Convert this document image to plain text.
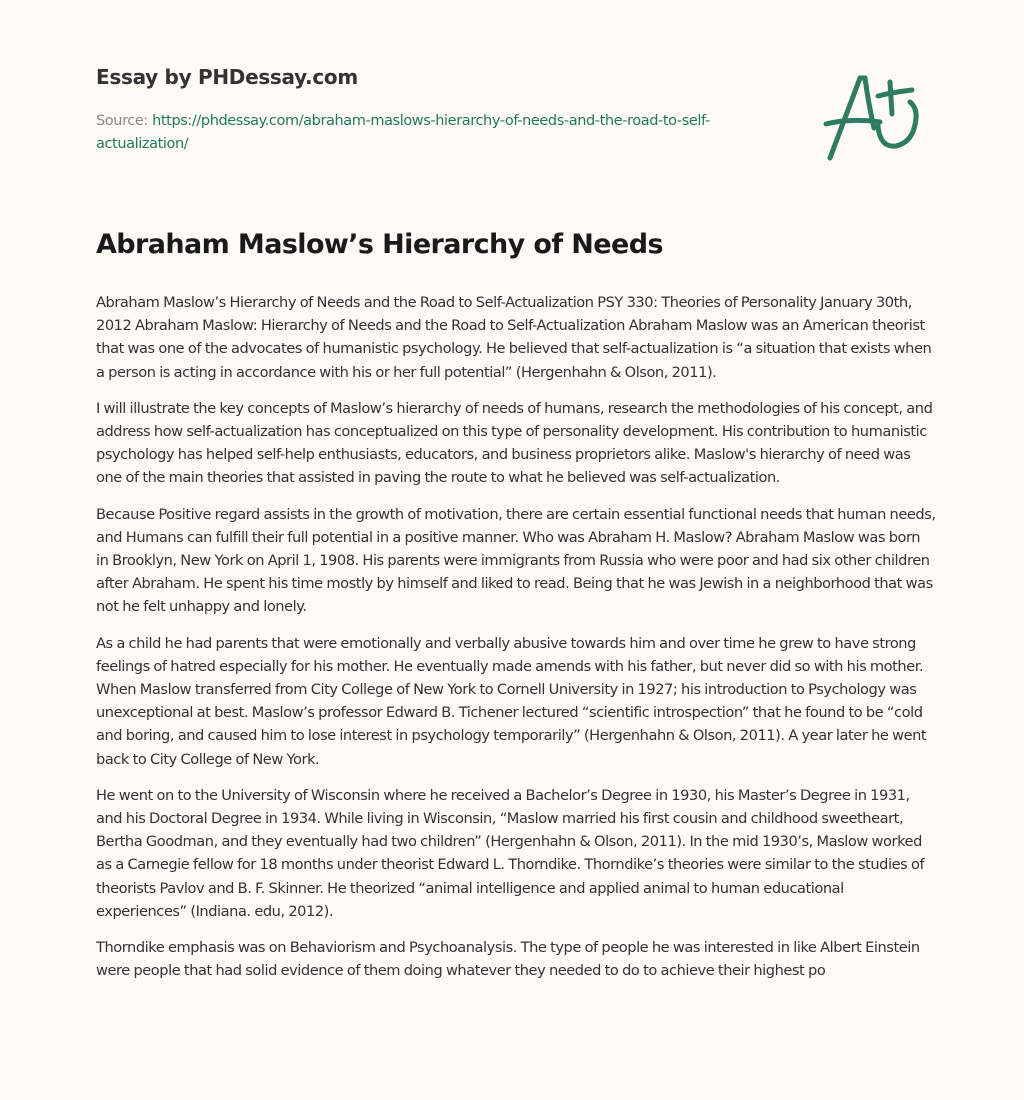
Essay by PHDessay.com
Source: https://phdessay.com/abraham-maslows-hierarchy-of-needs-and-the-road-to-self-actualization/
Abraham Maslow’s Hierarchy of Needs

Abraham Maslow’s Hierarchy of Needs and the Road to Self-Actualization PSY 330: Theories of Personality January 30th, 2012 Abraham Maslow: Hierarchy of Needs and the Road to Self-Actualization Abraham Maslow was an American theorist that was one of the advocates of humanistic psychology. He believed that self-actualization is “a situation that exists when a person is acting in accordance with his or her full potential” (Hergenhahn & Olson, 2011).

I will illustrate the key concepts of Maslow’s hierarchy of needs of humans, research the methodologies of his concept, and address how self-actualization has conceptualized on this type of personality development. His contribution to humanistic psychology has helped self-help enthusiasts, educators, and business proprietors alike. Maslow's hierarchy of need was one of the main theories that assisted in paving the route to what he believed was self-actualization.

Because Positive regard assists in the growth of motivation, there are certain essential functional needs that human needs, and Humans can fulfill their full potential in a positive manner. Who was Abraham H. Maslow? Abraham Maslow was born in Brooklyn, New York on April 1, 1908. His parents were immigrants from Russia who were poor and had six other children after Abraham. He spent his time mostly by himself and liked to read. Being that he was Jewish in a neighborhood that was not he felt unhappy and lonely.

As a child he had parents that were emotionally and verbally abusive towards him and over time he grew to have strong feelings of hatred especially for his mother. He eventually made amends with his father, but never did so with his mother. When Maslow transferred from City College of New York to Cornell University in 1927; his introduction to Psychology was unexceptional at best. Maslow’s professor Edward B. Tichener lectured “scientific introspection” that he found to be “cold and boring, and caused him to lose interest in psychology temporarily” (Hergenhahn & Olson, 2011). A year later he went back to City College of New York.

He went on to the University of Wisconsin where he received a Bachelor’s Degree in 1930, his Master’s Degree in 1931, and his Doctoral Degree in 1934. While living in Wisconsin, “Maslow married his first cousin and childhood sweetheart, Bertha Goodman, and they eventually had two children” (Hergenhahn & Olson, 2011). In the mid 1930’s, Maslow worked as a Carnegie fellow for 18 months under theorist Edward L. Thorndike. Thorndike’s theories were similar to the studies of theorists Pavlov and B. F. Skinner. He theorized “animal intelligence and applied animal to human educational experiences” (Indiana. edu, 2012).

Thorndike emphasis was on Behaviorism and Psychoanalysis. The type of people he was interested in like Albert Einstein were people that had solid evidence of them doing whatever they needed to do to achieve their highest po
